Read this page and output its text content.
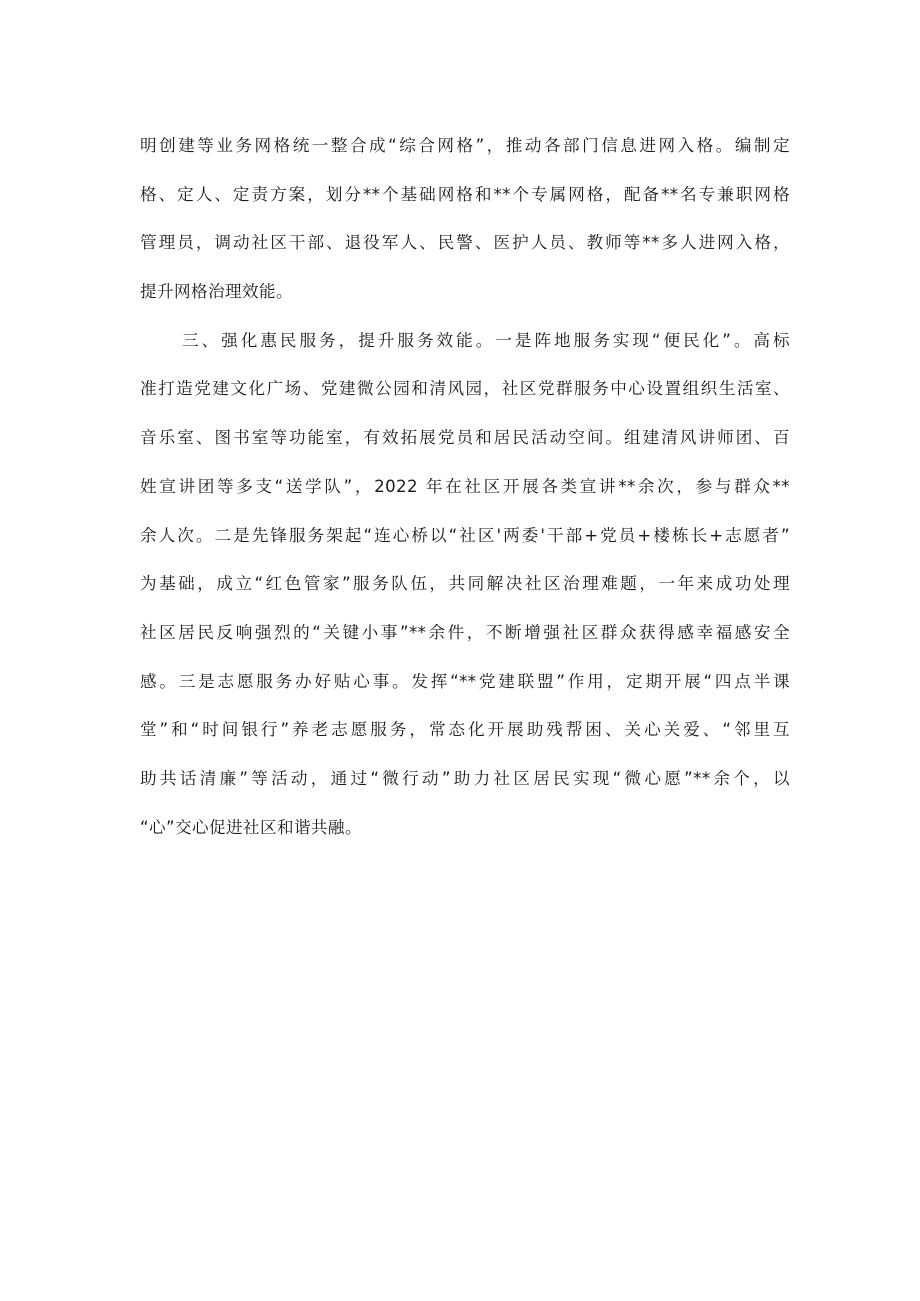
明创建等业务网格统一整合成“综合网格”，推动各部门信息进网入格。编制定
格、定人、定责方案，划分**个基础网格和**个专属网格，配备**名专兼职网格
管理员，调动社区干部、退役军人、民警、医护人员、教师等**多人进网入格，
提升网格治理效能。
三、强化惠民服务，提升服务效能。一是阵地服务实现“便民化”。高标
准打造党建文化广场、党建微公园和清风园，社区党群服务中心设置组织生活室、
音乐室、图书室等功能室，有效拓展党员和居民活动空间。组建清风讲师团、百
姓宣讲团等多支“送学队”，2022 年在社区开展各类宣讲**余次，参与群众**
余人次。二是先锋服务架起“连心桥以“社区'两委'干部+党员+楼栋长+志愿者”
为基础，成立“红色管家”服务队伍，共同解决社区治理难题，一年来成功处理
社区居民反响强烈的“关键小事”**余件，不断增强社区群众获得感幸福感安全
感。三是志愿服务办好贴心事。发挥“**党建联盟”作用，定期开展“四点半课
堂”和“时间银行”养老志愿服务，常态化开展助残帮困、关心关爱、“邻里互
助共话清廉”等活动，通过“微行动”助力社区居民实现“微心愿”**余个，以
“心”交心促进社区和谐共融。
